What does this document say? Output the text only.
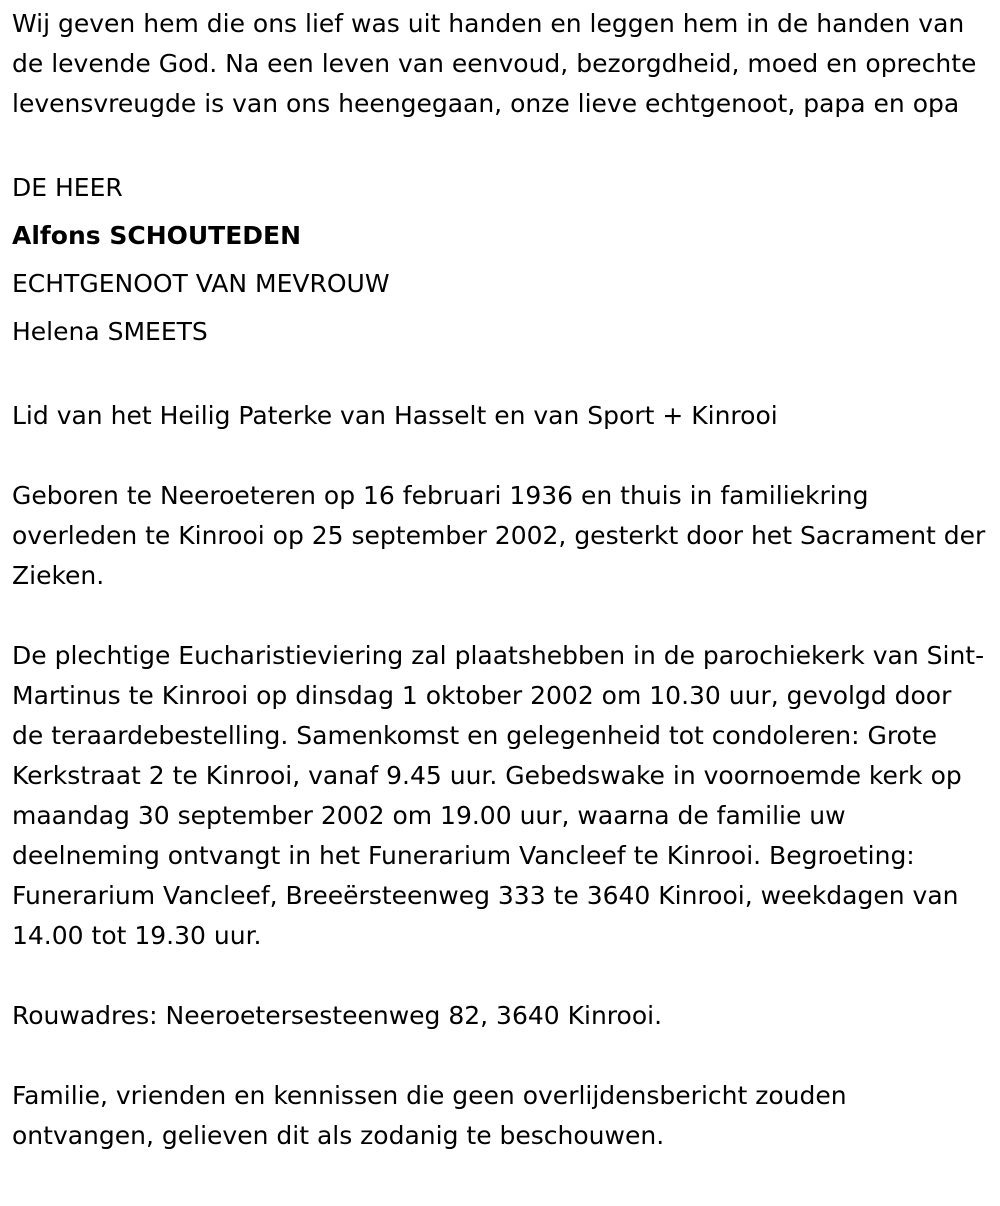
Wij geven hem die ons lief was uit handen en leggen hem in de handen van de levende God. Na een leven van eenvoud, bezorgdheid, moed en oprechte levensvreugde is van ons heengegaan, onze lieve echtgenoot, papa en opa

DE HEER
Alfons SCHOUTEDEN
ECHTGENOOT VAN MEVROUW
Helena SMEETS

Lid van het Heilig Paterke van Hasselt en van Sport + Kinrooi

Geboren te Neeroeteren op 16 februari 1936 en thuis in familiekring overleden te Kinrooi op 25 september 2002, gesterkt door het Sacrament der Zieken.

De plechtige Eucharistieviering zal plaatshebben in de parochiekerk van Sint-Martinus te Kinrooi op dinsdag 1 oktober 2002 om 10.30 uur, gevolgd door de teraardebestelling. Samenkomst en gelegenheid tot condoleren: Grote Kerkstraat 2 te Kinrooi, vanaf 9.45 uur. Gebedswake in voornoemde kerk op maandag 30 september 2002 om 19.00 uur, waarna de familie uw deelneming ontvangt in het Funerarium Vancleef te Kinrooi. Begroeting: Funerarium Vancleef, Breeërsteenweg 333 te 3640 Kinrooi, weekdagen van 14.00 tot 19.30 uur.

Rouwadres: Neeroetersesteenweg 82, 3640 Kinrooi.

Familie, vrienden en kennissen die geen overlijdensbericht zouden ontvangen, gelieven dit als zodanig te beschouwen.
